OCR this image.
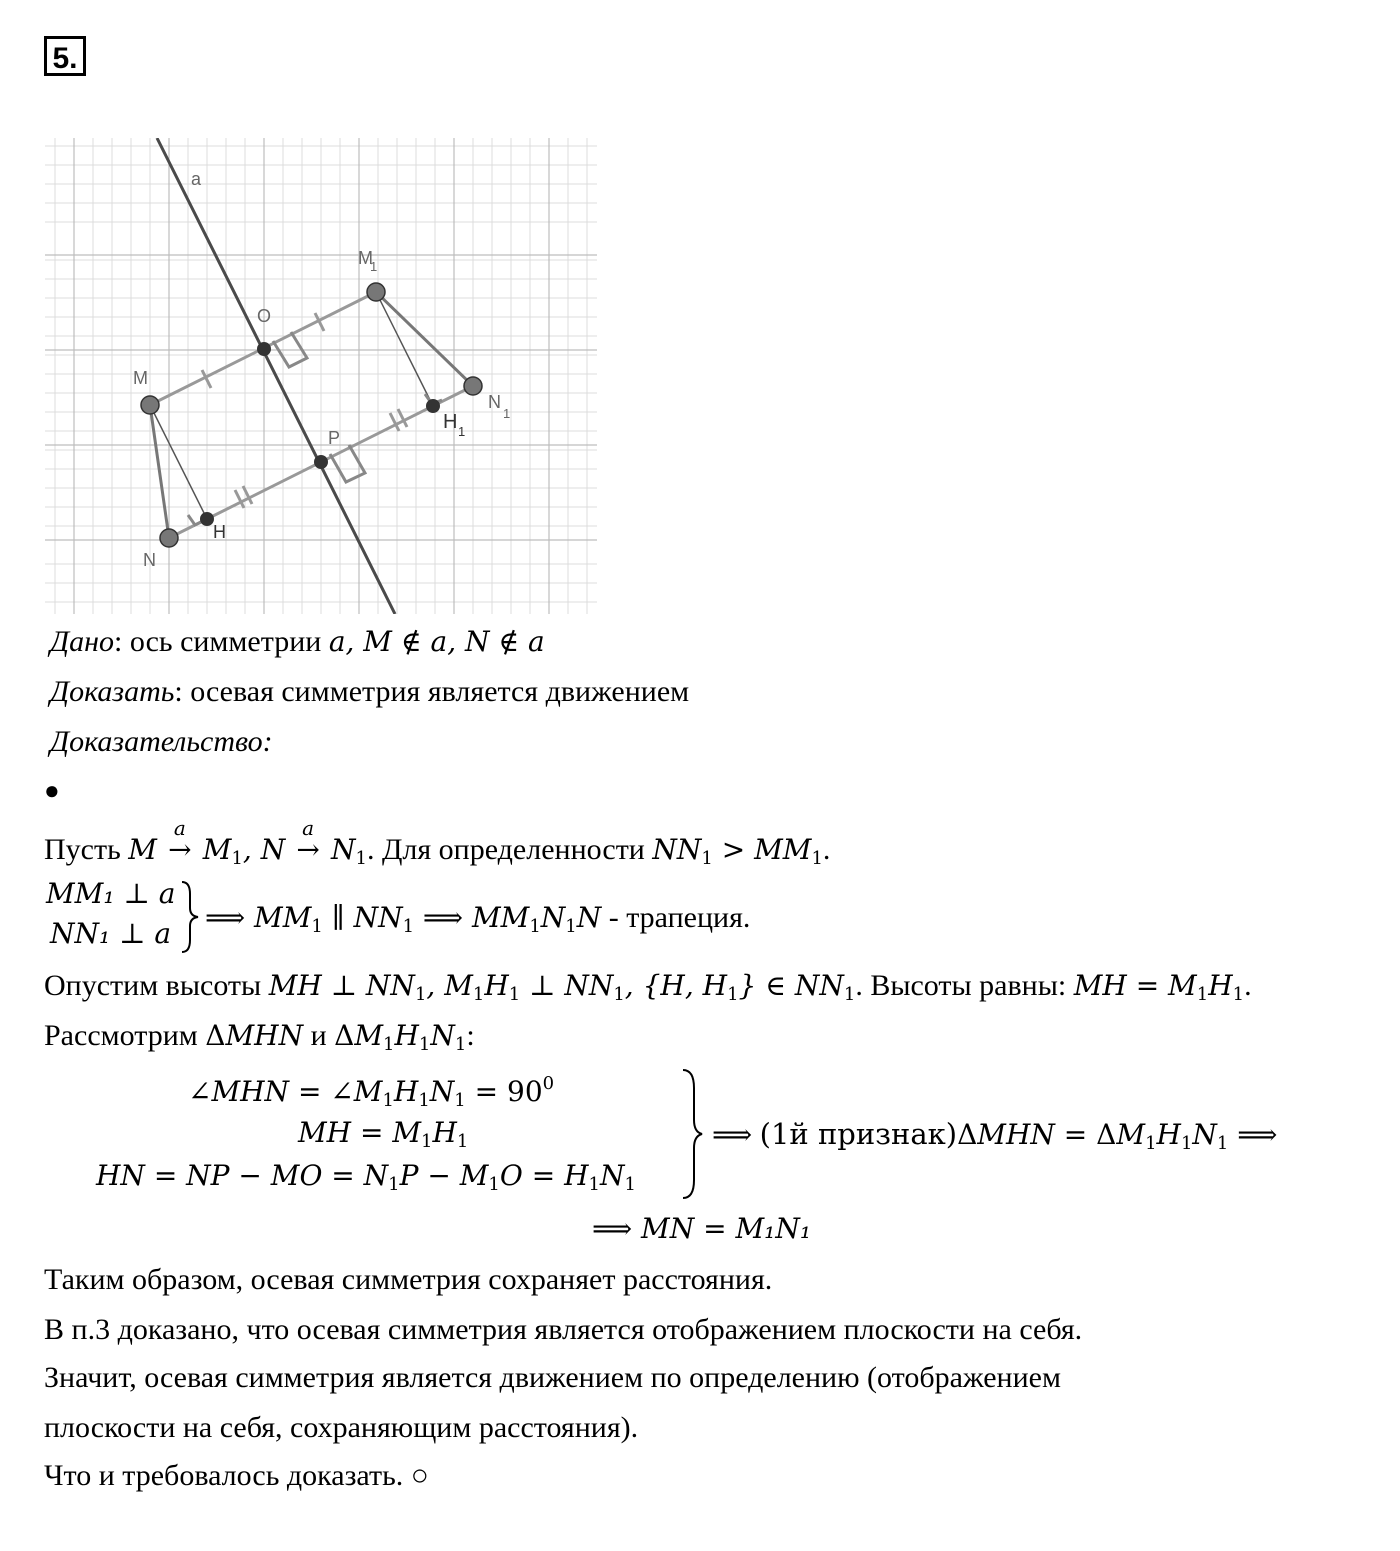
5.
a
M
1
O
M
N
1
H 1
P
H
N
Дано: ось симметрии a, M ∉ a, N ∉ a
Доказать: осевая симметрия является движением
Доказательство:
●
Пусть M
a
→ $M_1$, N
a
→ $N_1$. Для определенности $NN_1 > MM_1$.
MM₁ ⊥ a
NN₁ ⊥ a ⟹ $MM_1$ ∥ $NN_1$ ⟹ $MM_1N_1N$ - трапеция.
Опустим высоты MH ⊥ $NN_1$, $M_1H_1$ ⊥ $NN_1$, {H, $H_1$} ∈ $NN_1$. Высоты равны: MH = $M_1H_1$.
Рассмотрим ΔMHN и $\Delta M_1H_1N_1$:
∠MHN = $\angle M_1H_1N_1 = 90^0$
MH = $M_1H_1$
HN = NP − MO = $N_1P - M_1O = H_1N_1$
⟹ (1й признак)ΔMHN = $\Delta M_1H_1N_1$ ⟹
⟹ MN = M₁N₁
Таким образом, осевая симметрия сохраняет расстояния.
В п.3 доказано, что осевая симметрия является отображением плоскости на себя.
Значит, осевая симметрия является движением по определению (отображением
плоскости на себя, сохраняющим расстояния).
Что и требовалось доказать. ○
